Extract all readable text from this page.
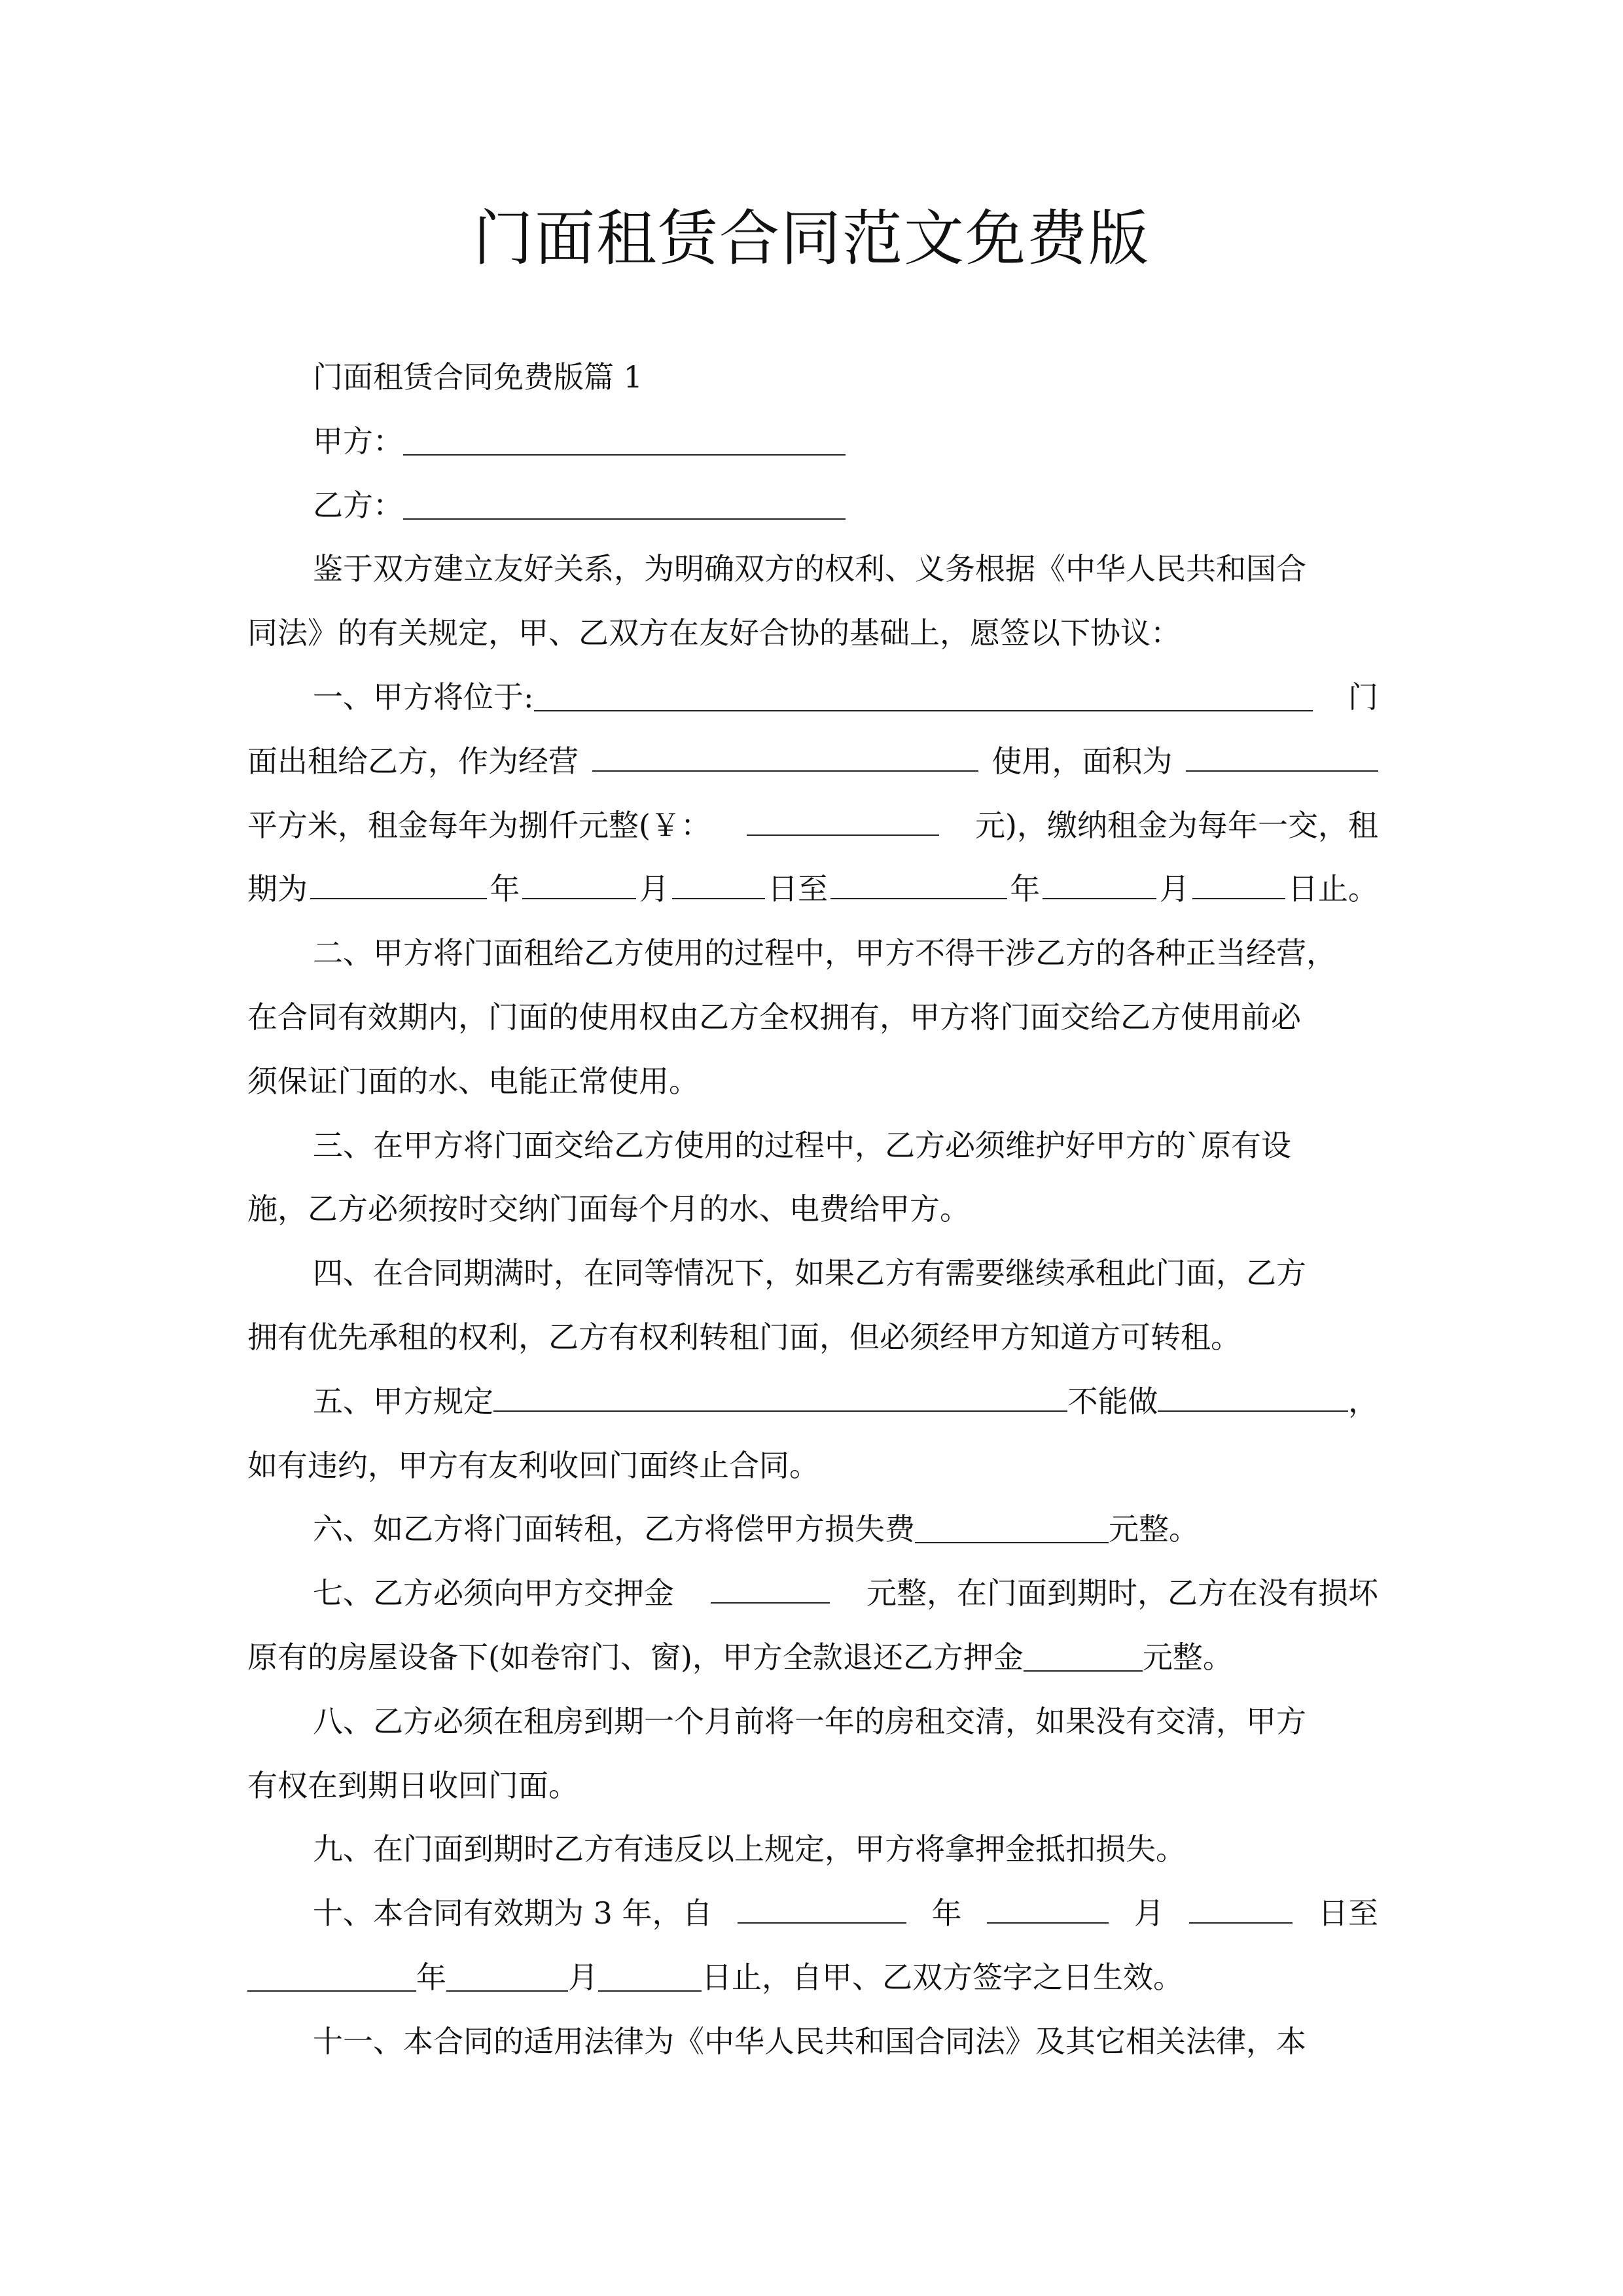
门面租赁合同范文免费版
门面租赁合同免费版篇 1
甲方：
乙方：
鉴于双方建立友好关系，为明确双方的权利、义务根据《中华人民共和国合
同法》的有关规定，甲、乙双方在友好合协的基础上，愿签以下协议：
一、甲方将位于:	门
面出租给乙方，作为经营	使用，面积为
平方米，租金每年为捌仟元整(￥：	元)，缴纳租金为每年一交，租
期为	年	月	日至	年	月	日止。
二、甲方将门面租给乙方使用的过程中，甲方不得干涉乙方的各种正当经营，
在合同有效期内，门面的使用权由乙方全权拥有，甲方将门面交给乙方使用前必
须保证门面的水、电能正常使用。
三、在甲方将门面交给乙方使用的过程中，乙方必须维护好甲方的`原有设
施，乙方必须按时交纳门面每个月的水、电费给甲方。
四、在合同期满时，在同等情况下，如果乙方有需要继续承租此门面，乙方
拥有优先承租的权利，乙方有权利转租门面，但必须经甲方知道方可转租。
五、甲方规定	不能做	，
如有违约，甲方有友利收回门面终止合同。
六、如乙方将门面转租，乙方将偿甲方损失费	元整。
七、乙方必须向甲方交押金	元整，在门面到期时，乙方在没有损坏
原有的房屋设备下(如卷帘门、窗)，甲方全款退还乙方押金	元整。
八、乙方必须在租房到期一个月前将一年的房租交清，如果没有交清，甲方
有权在到期日收回门面。
九、在门面到期时乙方有违反以上规定，甲方将拿押金抵扣损失。
十、本合同有效期为 3 年，自	年	月	日至
年	月	日止，自甲、乙双方签字之日生效。
十一、本合同的适用法律为《中华人民共和国合同法》及其它相关法律，本
